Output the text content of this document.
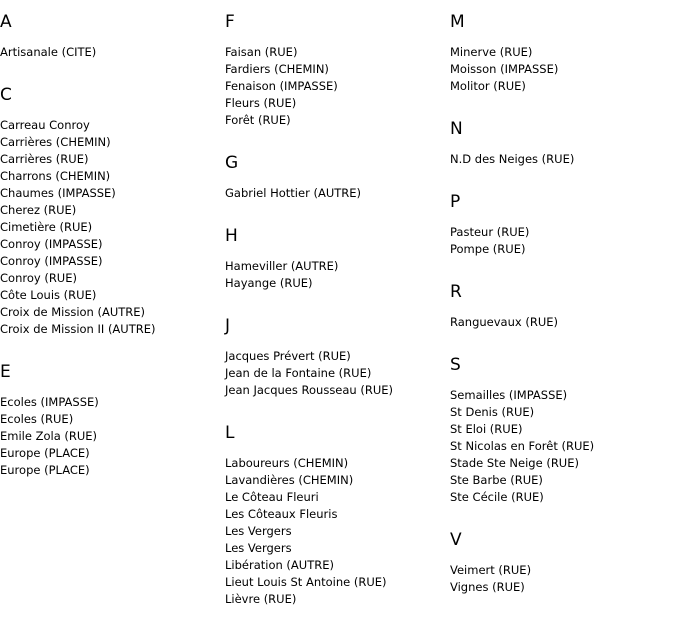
A
Artisanale (CITE)
C
Carreau Conroy
Carrières (CHEMIN)
Carrières (RUE)
Charrons (CHEMIN)
Chaumes (IMPASSE)
Cherez (RUE)
Cimetière (RUE)
Conroy (IMPASSE)
Conroy (IMPASSE)
Conroy (RUE)
Côte Louis (RUE)
Croix de Mission (AUTRE)
Croix de Mission II (AUTRE)
E
Ecoles (IMPASSE)
Ecoles (RUE)
Emile Zola (RUE)
Europe (PLACE)
Europe (PLACE)
F
Faisan (RUE)
Fardiers (CHEMIN)
Fenaison (IMPASSE)
Fleurs (RUE)
Forêt (RUE)
G
Gabriel Hottier (AUTRE)
H
Hameviller (AUTRE)
Hayange (RUE)
J
Jacques Prévert (RUE)
Jean de la Fontaine (RUE)
Jean Jacques Rousseau (RUE)
L
Laboureurs (CHEMIN)
Lavandières (CHEMIN)
Le Côteau Fleuri
Les Côteaux Fleuris
Les Vergers
Les Vergers
Libération (AUTRE)
Lieut Louis St Antoine (RUE)
Lièvre (RUE)
M
Minerve (RUE)
Moisson (IMPASSE)
Molitor (RUE)
N
N.D des Neiges (RUE)
P
Pasteur (RUE)
Pompe (RUE)
R
Ranguevaux (RUE)
S
Semailles (IMPASSE)
St Denis (RUE)
St Eloi (RUE)
St Nicolas en Forêt (RUE)
Stade Ste Neige (RUE)
Ste Barbe (RUE)
Ste Cécile (RUE)
V
Veimert (RUE)
Vignes (RUE)
